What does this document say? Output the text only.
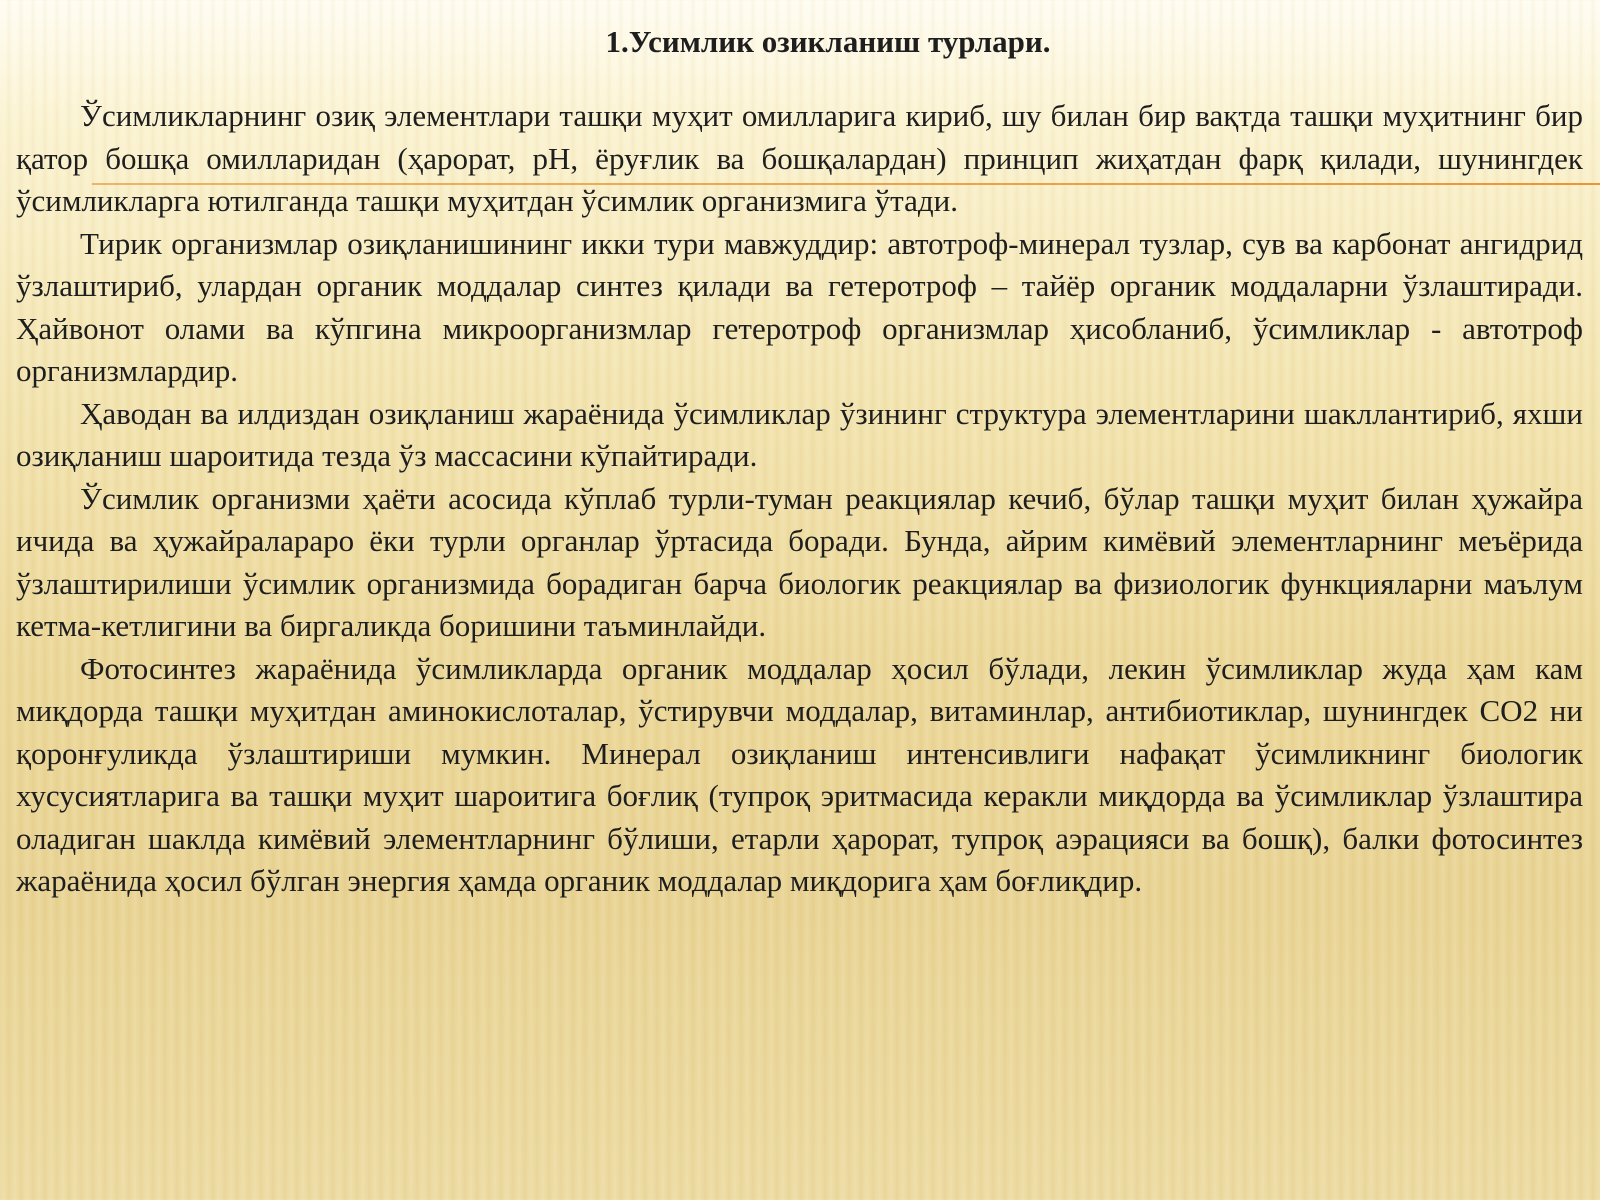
1.Усимлик озикланиш турлари.

Ўсимликларнинг озиқ элементлари ташқи муҳит омилларига кириб, шу билан бир вақтда ташқи муҳитнинг бир қатор бошқа омилларидан (ҳарорат, pH, ёруғлик ва бошқалардан) принцип жиҳатдан фарқ қилади, шунингдек ўсимликларга ютилганда ташқи муҳитдан ўсимлик организмига ўтади.

Тирик организмлар озиқланишининг икки тури мавжуддир: автотроф-минерал тузлар, сув ва карбонат ангидрид ўзлаштириб, улардан органик моддалар синтез қилади ва гетеротроф – тайёр органик моддаларни ўзлаштиради. Ҳайвонот олами ва кўпгина микроорганизмлар гетеротроф организмлар ҳисобланиб, ўсимликлар - автотроф организмлардир.

Ҳаводан ва илдиздан озиқланиш жараёнида ўсимликлар ўзининг структура элементларини шакллантириб, яхши озиқланиш шароитида тезда ўз массасини кўпайтиради.

Ўсимлик организми ҳаёти асосида кўплаб турли-туман реакциялар кечиб, бўлар ташқи муҳит билан ҳужайра ичида ва ҳужайралараро ёки турли органлар ўртасида боради. Бунда, айрим кимёвий элементларнинг меъёрида ўзлаштирилиши ўсимлик организмида борадиган барча биологик реакциялар ва физиологик функцияларни маълум кетма-кетлигини ва биргаликда боришини таъминлайди.

Фотосинтез жараёнида ўсимликларда органик моддалар ҳосил бўлади, лекин ўсимликлар жуда ҳам кам миқдорда ташқи муҳитдан аминокислоталар, ўстирувчи моддалар, витаминлар, антибиотиклар, шунингдек СО2 ни қоронғуликда ўзлаштириши мумкин. Минерал озиқланиш интенсивлиги нафақат ўсимликнинг биологик хусусиятларига ва ташқи муҳит шароитига боғлиқ (тупроқ эритмасида керакли миқдорда ва ўсимликлар ўзлаштира оладиган шаклда кимёвий элементларнинг бўлиши, етарли ҳарорат, тупроқ аэрацияси ва бошқ), балки фотосинтез жараёнида ҳосил бўлган энергия ҳамда органик моддалар миқдорига ҳам боғлиқдир.
